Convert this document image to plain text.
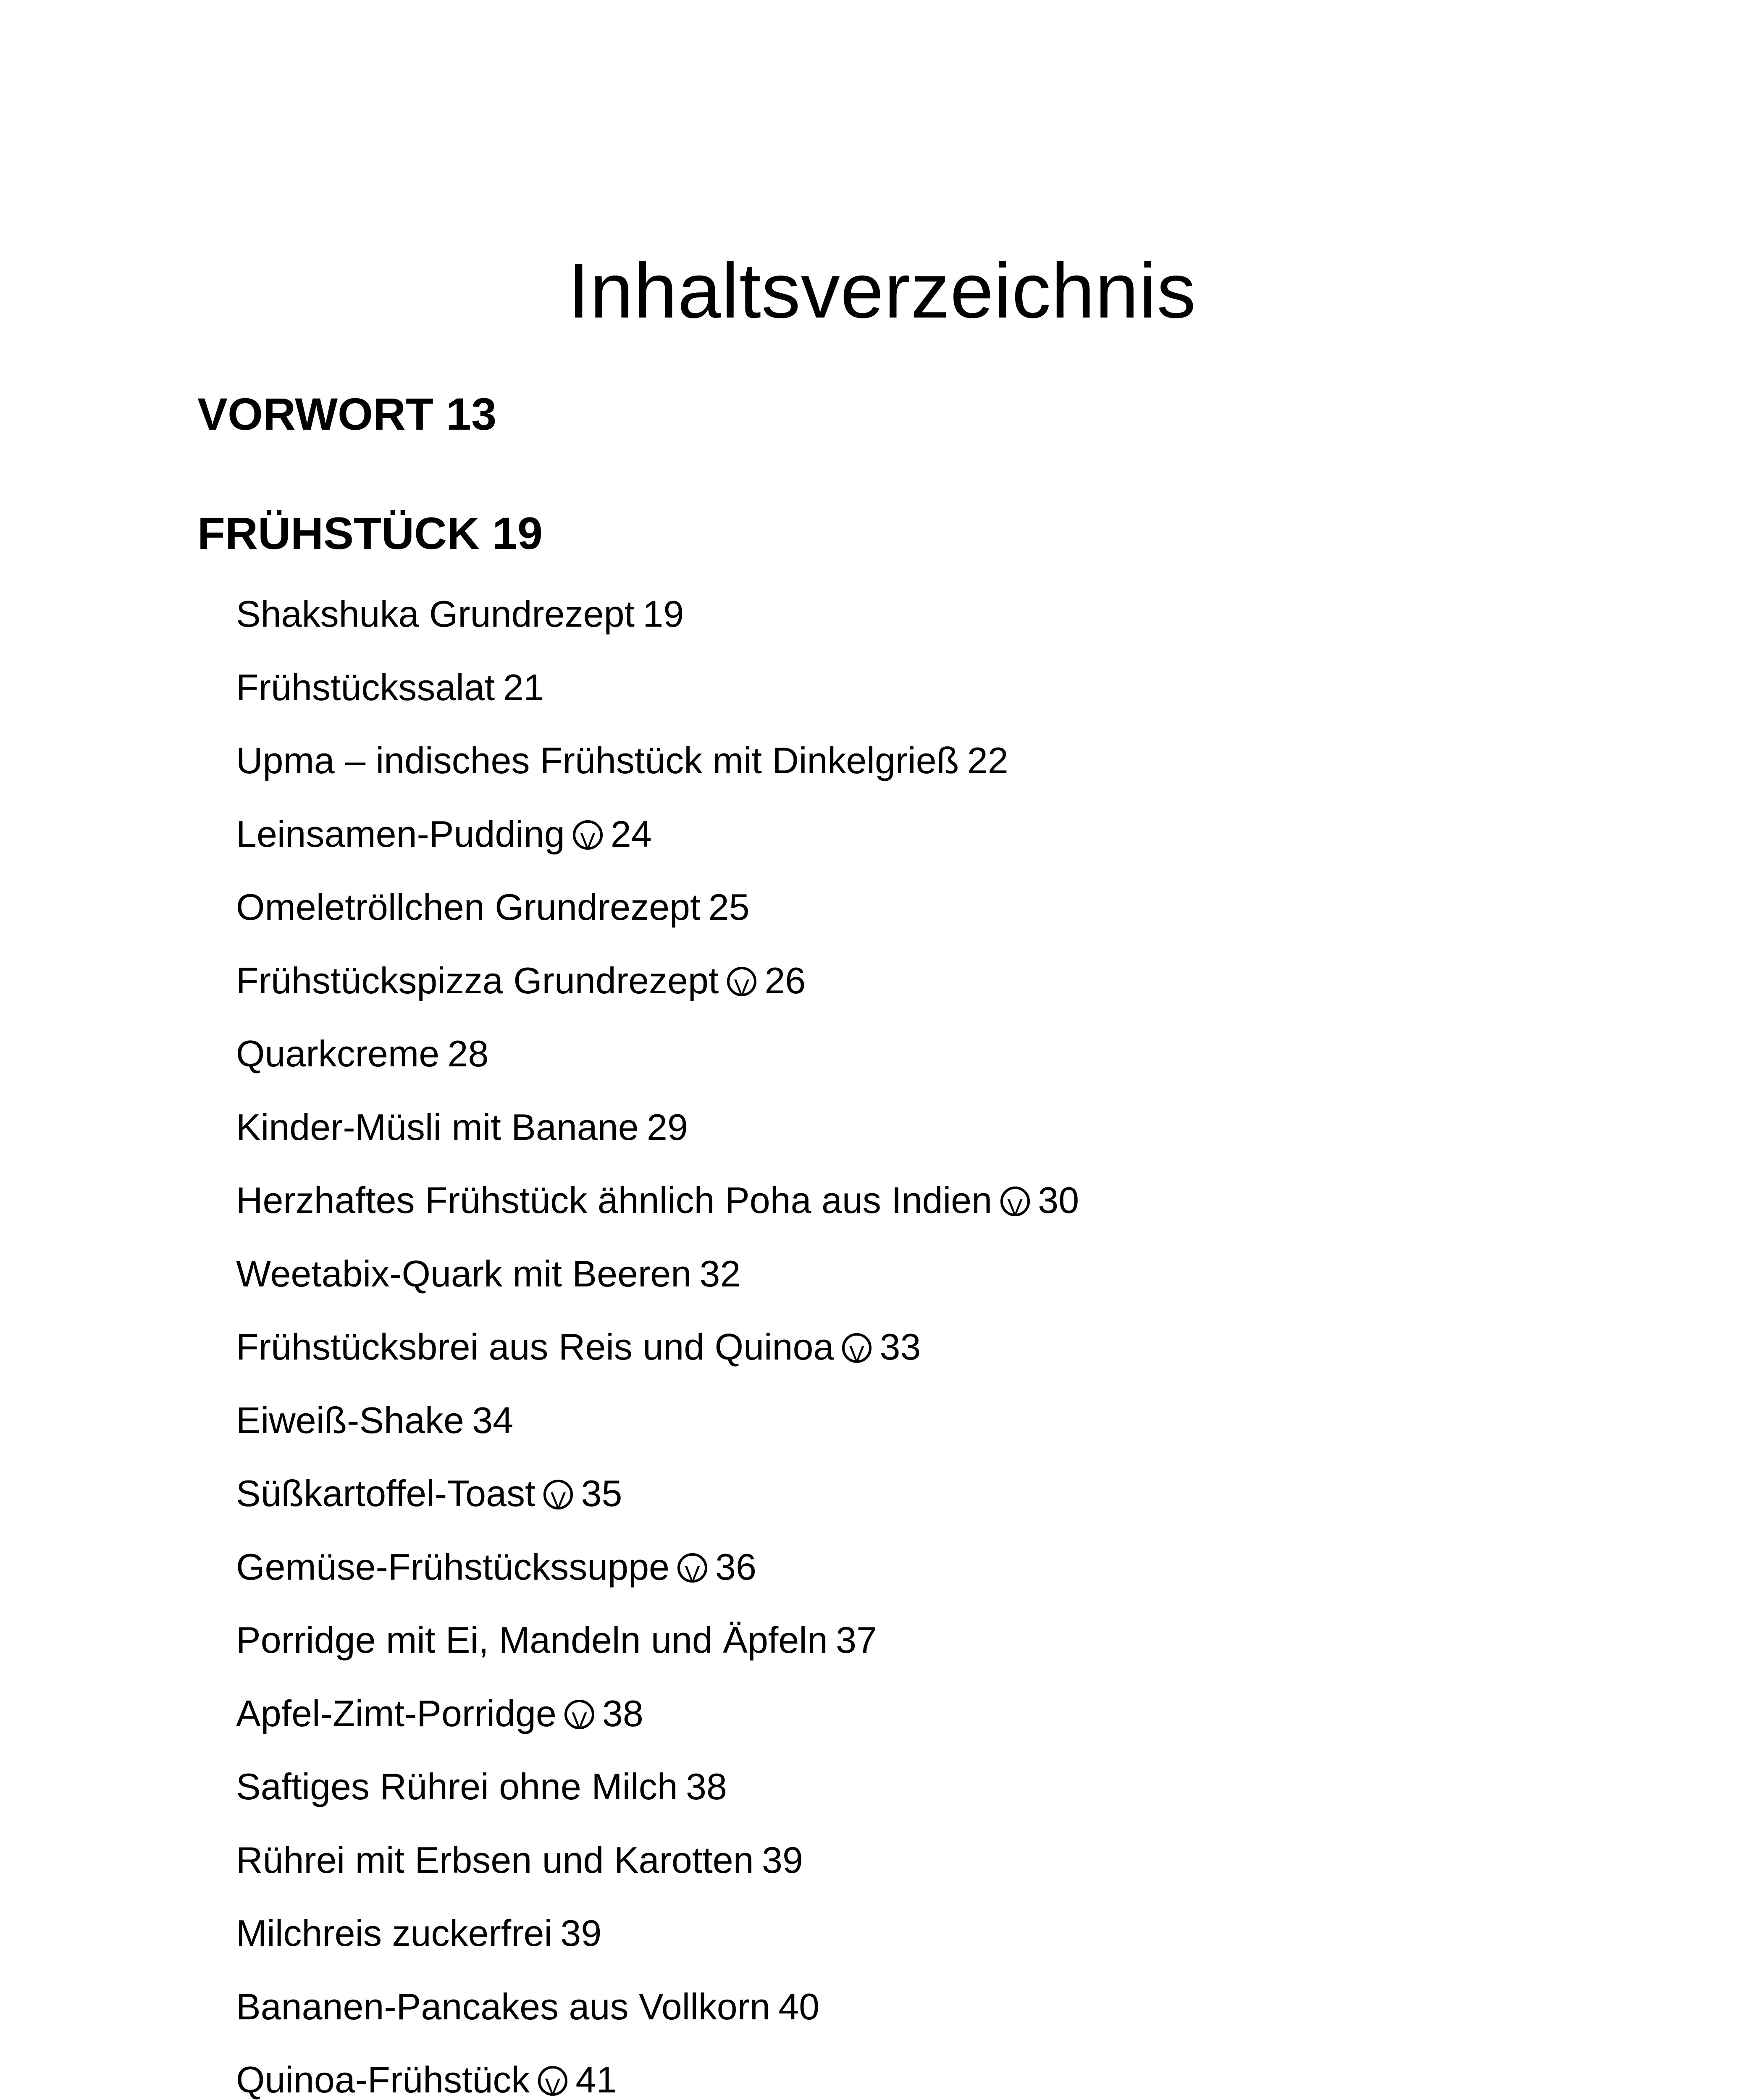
Inhaltsverzeichnis
VORWORT 13
FRÜHSTÜCK 19
Shakshuka Grundrezept 19
Frühstückssalat 21
Upma – indisches Frühstück mit Dinkelgrieß 22
Leinsamen-Pudding V 24
Omeletröllchen Grundrezept 25
Frühstückspizza Grundrezept V 26
Quarkcreme 28
Kinder-Müsli mit Banane 29
Herzhaftes Frühstück ähnlich Poha aus Indien V 30
Weetabix-Quark mit Beeren 32
Frühstücksbrei aus Reis und Quinoa V 33
Eiweiß-Shake 34
Süßkartoffel-Toast V 35
Gemüse-Frühstückssuppe V 36
Porridge mit Ei, Mandeln und Äpfeln 37
Apfel-Zimt-Porridge V 38
Saftiges Rührei ohne Milch 38
Rührei mit Erbsen und Karotten 39
Milchreis zuckerfrei 39
Bananen-Pancakes aus Vollkorn 40
Quinoa-Frühstück V 41
